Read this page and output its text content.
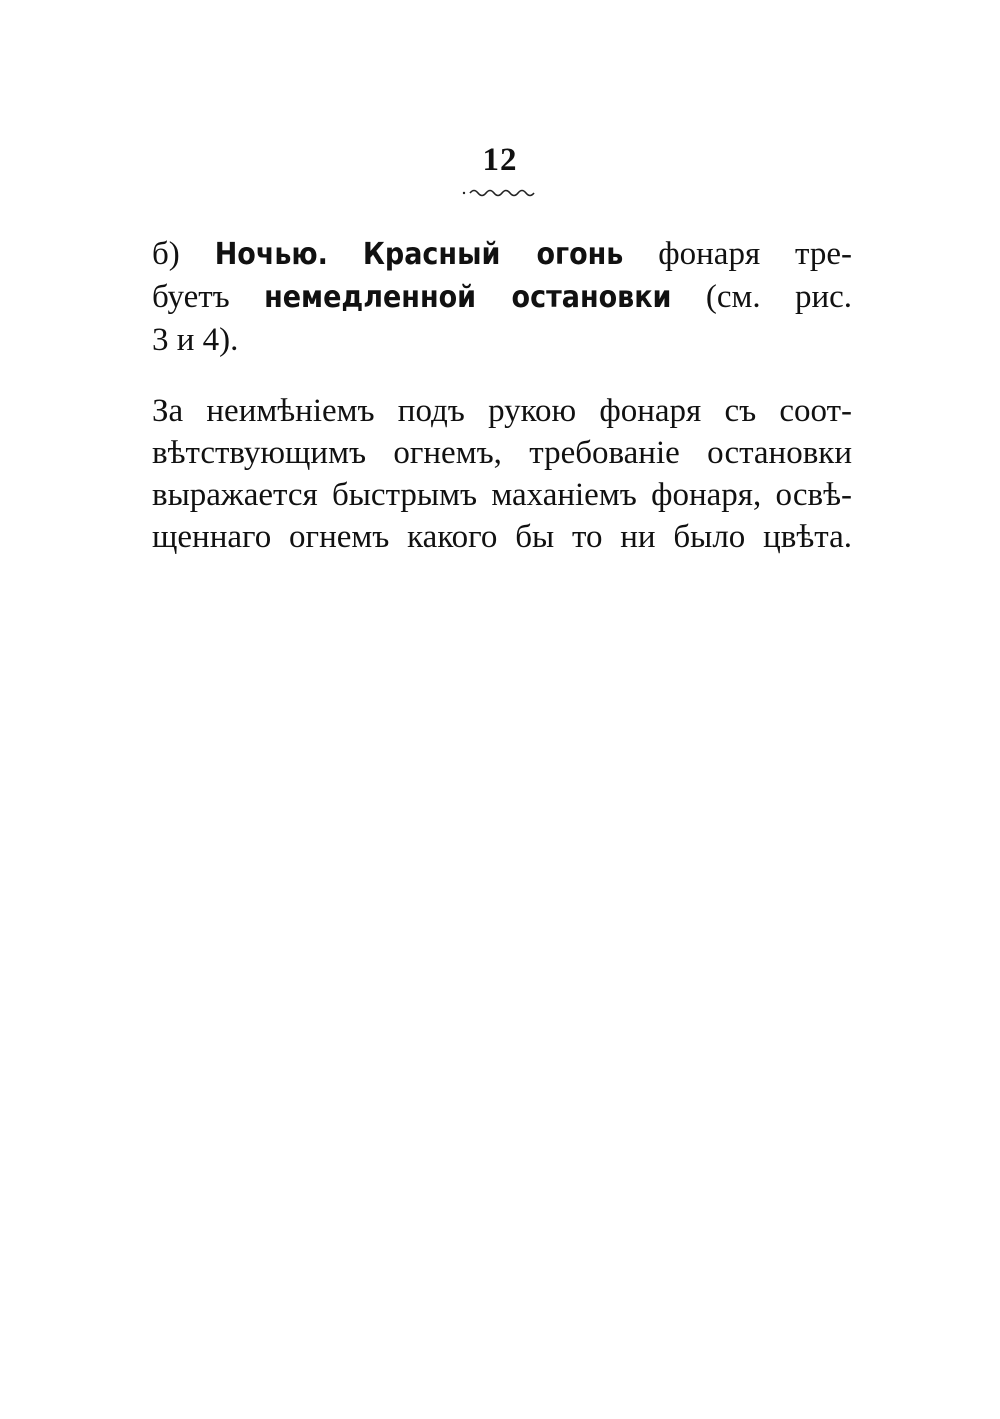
12
б) Ночью. Красный огонь фонаря тре-
буетъ немедленной остановки (см. рис.
3 и 4).
За неимѣніемъ подъ рукою фонаря съ соот-
вѣтствующимъ огнемъ, требованіе остановки
выражается быстрымъ маханіемъ фонаря, освѣ-
щеннаго огнемъ какого бы то ни было цвѣта.
